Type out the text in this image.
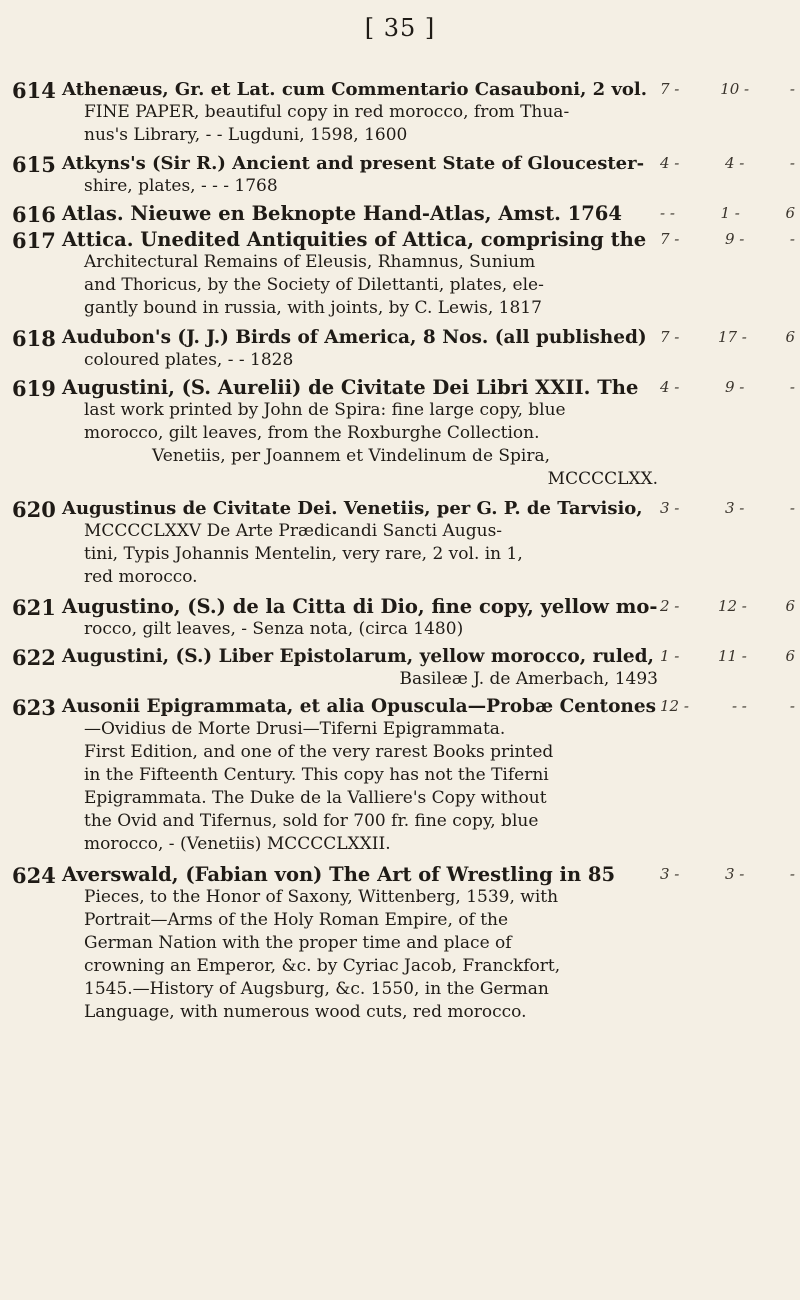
[ 35 ]
614 Athenæus, Gr. et Lat. cum Commentario Casauboni, 2 vol.
FINE PAPER, beautiful copy in red morocco, from Thua-
nus's Library, - - Lugduni, 1598, 1600
7 -	10 -	-
615 Atkyns's (Sir R.) Ancient and present State of Gloucester-
shire, plates, - - - 1768
4 -	4 -	-
616 Atlas. Nieuwe en Beknopte Hand-Atlas, Amst. 1764	- -	1 -	6
617 Attica. Unedited Antiquities of Attica, comprising the
Architectural Remains of Eleusis, Rhamnus, Sunium
and Thoricus, by the Society of Dilettanti, plates, ele-
gantly bound in russia, with joints, by C. Lewis, 1817
7 -	9 -	-
618 Audubon's (J. J.) Birds of America, 8 Nos. (all published)
coloured plates, - - 1828
7 -	17 -	6
619 Augustini, (S. Aurelii) de Civitate Dei Libri XXII. The
last work printed by John de Spira: fine large copy, blue
morocco, gilt leaves, from the Roxburghe Collection.
Venetiis, per Joannem et Vindelinum de Spira,
MCCCCLXX.
4 -	9 -	-
620 Augustinus de Civitate Dei. Venetiis, per G. P. de Tarvisio,
MCCCCLXXV De Arte Prædicandi Sancti Augus-
tini, Typis Johannis Mentelin, very rare, 2 vol. in 1,
red morocco.
3 -	3 -	-
621 Augustino, (S.) de la Citta di Dio, fine copy, yellow mo-
rocco, gilt leaves, - Senza nota, (circa 1480)
2 -	12 -	6
622 Augustini, (S.) Liber Epistolarum, yellow morocco, ruled,
Basileæ J. de Amerbach, 1493
1 -	11 -	6
623 Ausonii Epigrammata, et alia Opuscula—Probæ Centones
—Ovidius de Morte Drusi—Tiferni Epigrammata.
First Edition, and one of the very rarest Books printed
in the Fifteenth Century. This copy has not the Tiferni
Epigrammata. The Duke de la Valliere's Copy without
the Ovid and Tifernus, sold for 700 fr. fine copy, blue
morocco, - (Venetiis) MCCCCLXXII.
12 -	- -	-
624 Averswald, (Fabian von) The Art of Wrestling in 85
Pieces, to the Honor of Saxony, Wittenberg, 1539, with
Portrait—Arms of the Holy Roman Empire, of the
German Nation with the proper time and place of
crowning an Emperor, &c. by Cyriac Jacob, Franckfort,
1545.—History of Augsburg, &c. 1550, in the German
Language, with numerous wood cuts, red morocco.
3 -	3 -	-
